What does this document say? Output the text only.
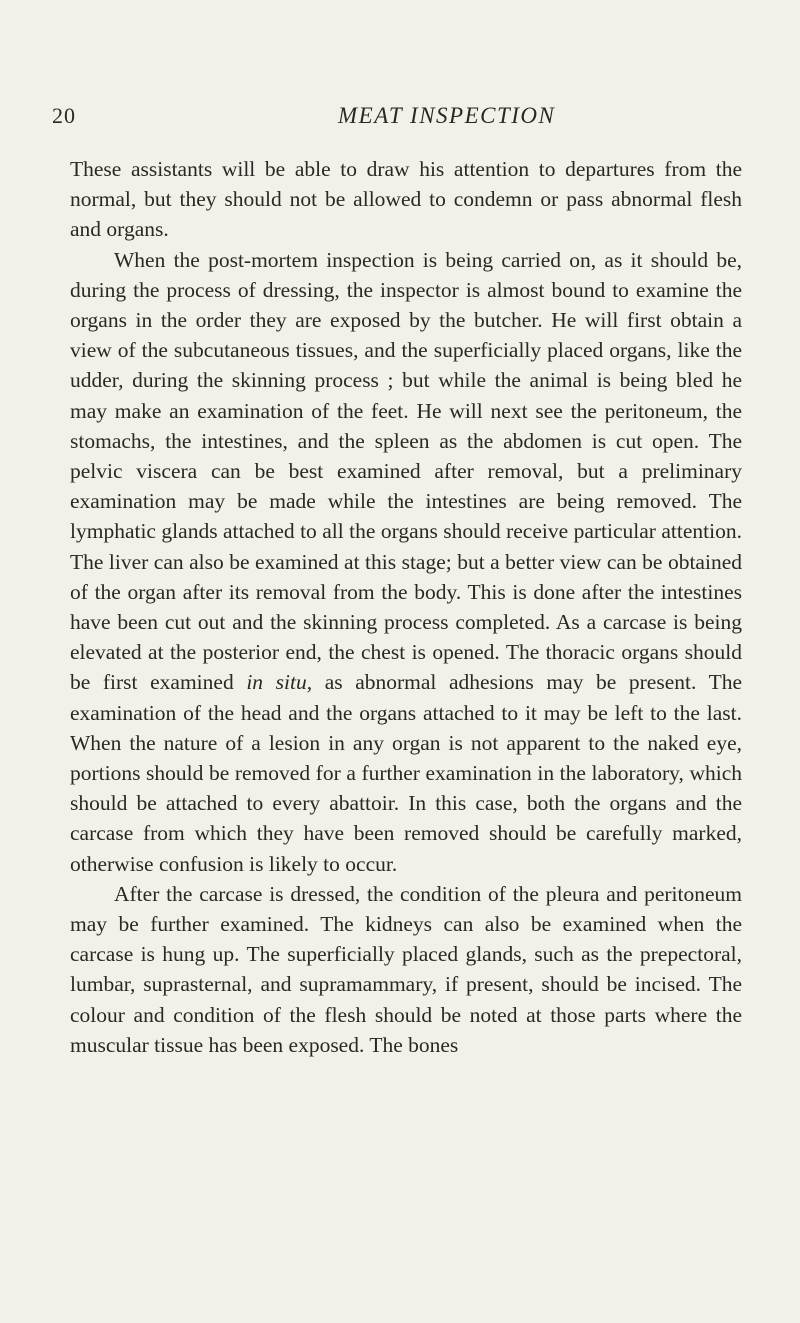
20	MEAT INSPECTION

These assistants will be able to draw his attention to departures from the normal, but they should not be allowed to condemn or pass abnormal flesh and organs.

When the post-mortem inspection is being carried on, as it should be, during the process of dressing, the inspector is almost bound to examine the organs in the order they are exposed by the butcher. He will first obtain a view of the subcutaneous tissues, and the superficially placed organs, like the udder, during the skinning process ; but while the animal is being bled he may make an examination of the feet. He will next see the peritoneum, the stomachs, the intestines, and the spleen as the abdomen is cut open. The pelvic viscera can be best examined after removal, but a preliminary examination may be made while the intestines are being removed. The lymphatic glands attached to all the organs should receive particular attention. The liver can also be examined at this stage; but a better view can be obtained of the organ after its removal from the body. This is done after the intestines have been cut out and the skinning process completed. As a carcase is being elevated at the posterior end, the chest is opened. The thoracic organs should be first examined in situ, as abnormal adhesions may be present. The examination of the head and the organs attached to it may be left to the last. When the nature of a lesion in any organ is not apparent to the naked eye, portions should be removed for a further examination in the laboratory, which should be attached to every abattoir. In this case, both the organs and the carcase from which they have been removed should be carefully marked, otherwise confusion is likely to occur.

After the carcase is dressed, the condition of the pleura and peritoneum may be further examined. The kidneys can also be examined when the carcase is hung up. The superficially placed glands, such as the prepectoral, lumbar, suprasternal, and supramammary, if present, should be incised. The colour and condition of the flesh should be noted at those parts where the muscular tissue has been exposed. The bones
